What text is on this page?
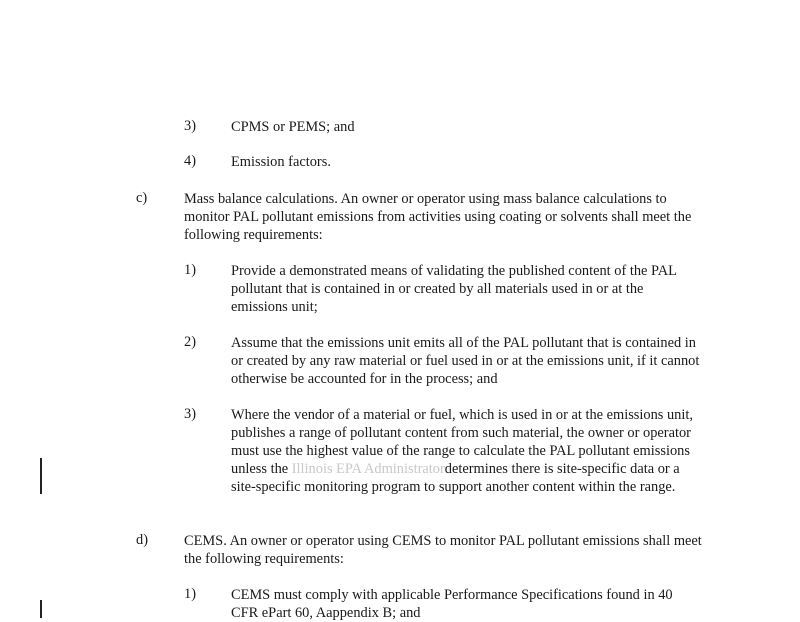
3) CPMS or PEMS; and
4) Emission factors.
c)	Mass balance calculations. An owner or operator using mass balance calculations to monitor PAL pollutant emissions from activities using coating or solvents shall meet the following requirements:
1) Provide a demonstrated means of validating the published content of the PAL pollutant that is contained in or created by all materials used in or at the emissions unit;
2) Assume that the emissions unit emits all of the PAL pollutant that is contained in or created by any raw material or fuel used in or at the emissions unit, if it cannot otherwise be accounted for in the process; and
3) Where the vendor of a material or fuel, which is used in or at the emissions unit, publishes a range of pollutant content from such material, the owner or operator must use the highest value of the range to calculate the PAL pollutant emissions unless the Illinois EPA Administratordetermines there is site-specific data or a site-specific monitoring program to support another content within the range.
d)	CEMS. An owner or operator using CEMS to monitor PAL pollutant emissions shall meet the following requirements:
1) CEMS must comply with applicable Performance Specifications found in 40 CFR ePart 60, Aappendix B; and
